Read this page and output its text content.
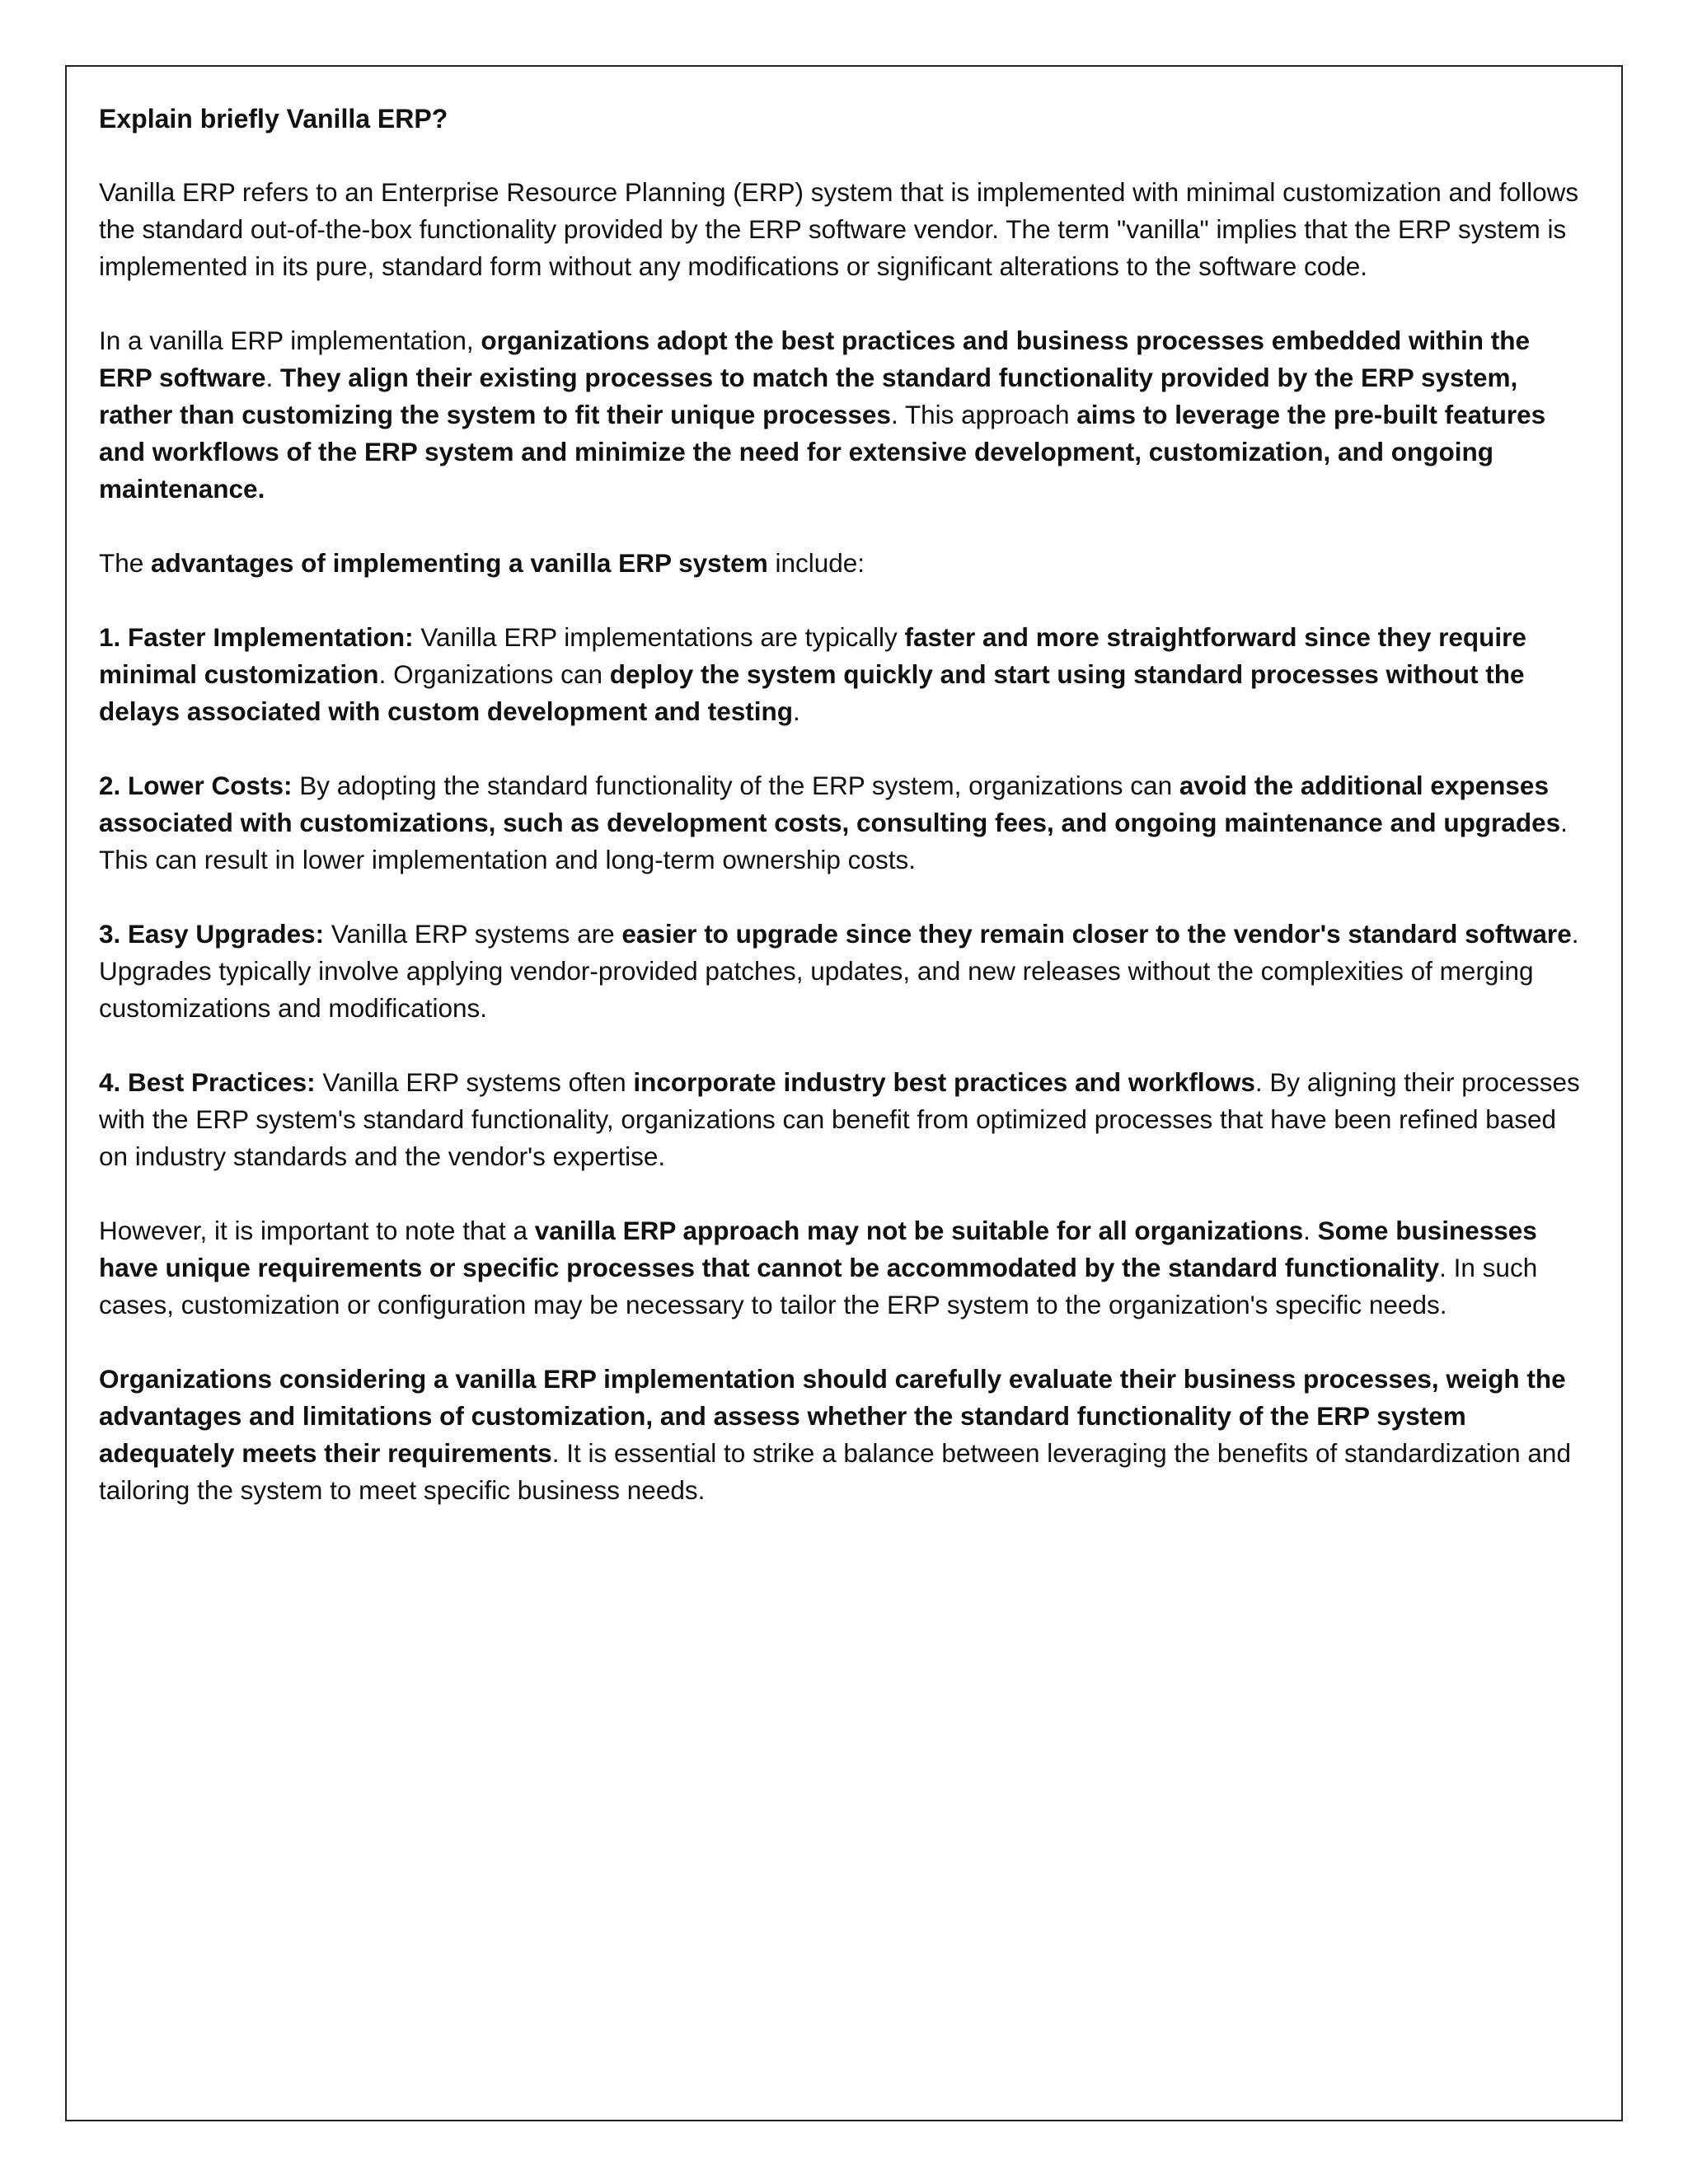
Explain briefly Vanilla ERP?

Vanilla ERP refers to an Enterprise Resource Planning (ERP) system that is implemented with minimal customization and follows the standard out-of-the-box functionality provided by the ERP software vendor. The term "vanilla" implies that the ERP system is implemented in its pure, standard form without any modifications or significant alterations to the software code.

In a vanilla ERP implementation, organizations adopt the best practices and business processes embedded within the ERP software. They align their existing processes to match the standard functionality provided by the ERP system, rather than customizing the system to fit their unique processes. This approach aims to leverage the pre-built features and workflows of the ERP system and minimize the need for extensive development, customization, and ongoing maintenance.

The advantages of implementing a vanilla ERP system include:

1. Faster Implementation: Vanilla ERP implementations are typically faster and more straightforward since they require minimal customization. Organizations can deploy the system quickly and start using standard processes without the delays associated with custom development and testing.

2. Lower Costs: By adopting the standard functionality of the ERP system, organizations can avoid the additional expenses associated with customizations, such as development costs, consulting fees, and ongoing maintenance and upgrades. This can result in lower implementation and long-term ownership costs.

3. Easy Upgrades: Vanilla ERP systems are easier to upgrade since they remain closer to the vendor's standard software. Upgrades typically involve applying vendor-provided patches, updates, and new releases without the complexities of merging customizations and modifications.

4. Best Practices: Vanilla ERP systems often incorporate industry best practices and workflows. By aligning their processes with the ERP system's standard functionality, organizations can benefit from optimized processes that have been refined based on industry standards and the vendor's expertise.

However, it is important to note that a vanilla ERP approach may not be suitable for all organizations. Some businesses have unique requirements or specific processes that cannot be accommodated by the standard functionality. In such cases, customization or configuration may be necessary to tailor the ERP system to the organization's specific needs.

Organizations considering a vanilla ERP implementation should carefully evaluate their business processes, weigh the advantages and limitations of customization, and assess whether the standard functionality of the ERP system adequately meets their requirements. It is essential to strike a balance between leveraging the benefits of standardization and tailoring the system to meet specific business needs.
